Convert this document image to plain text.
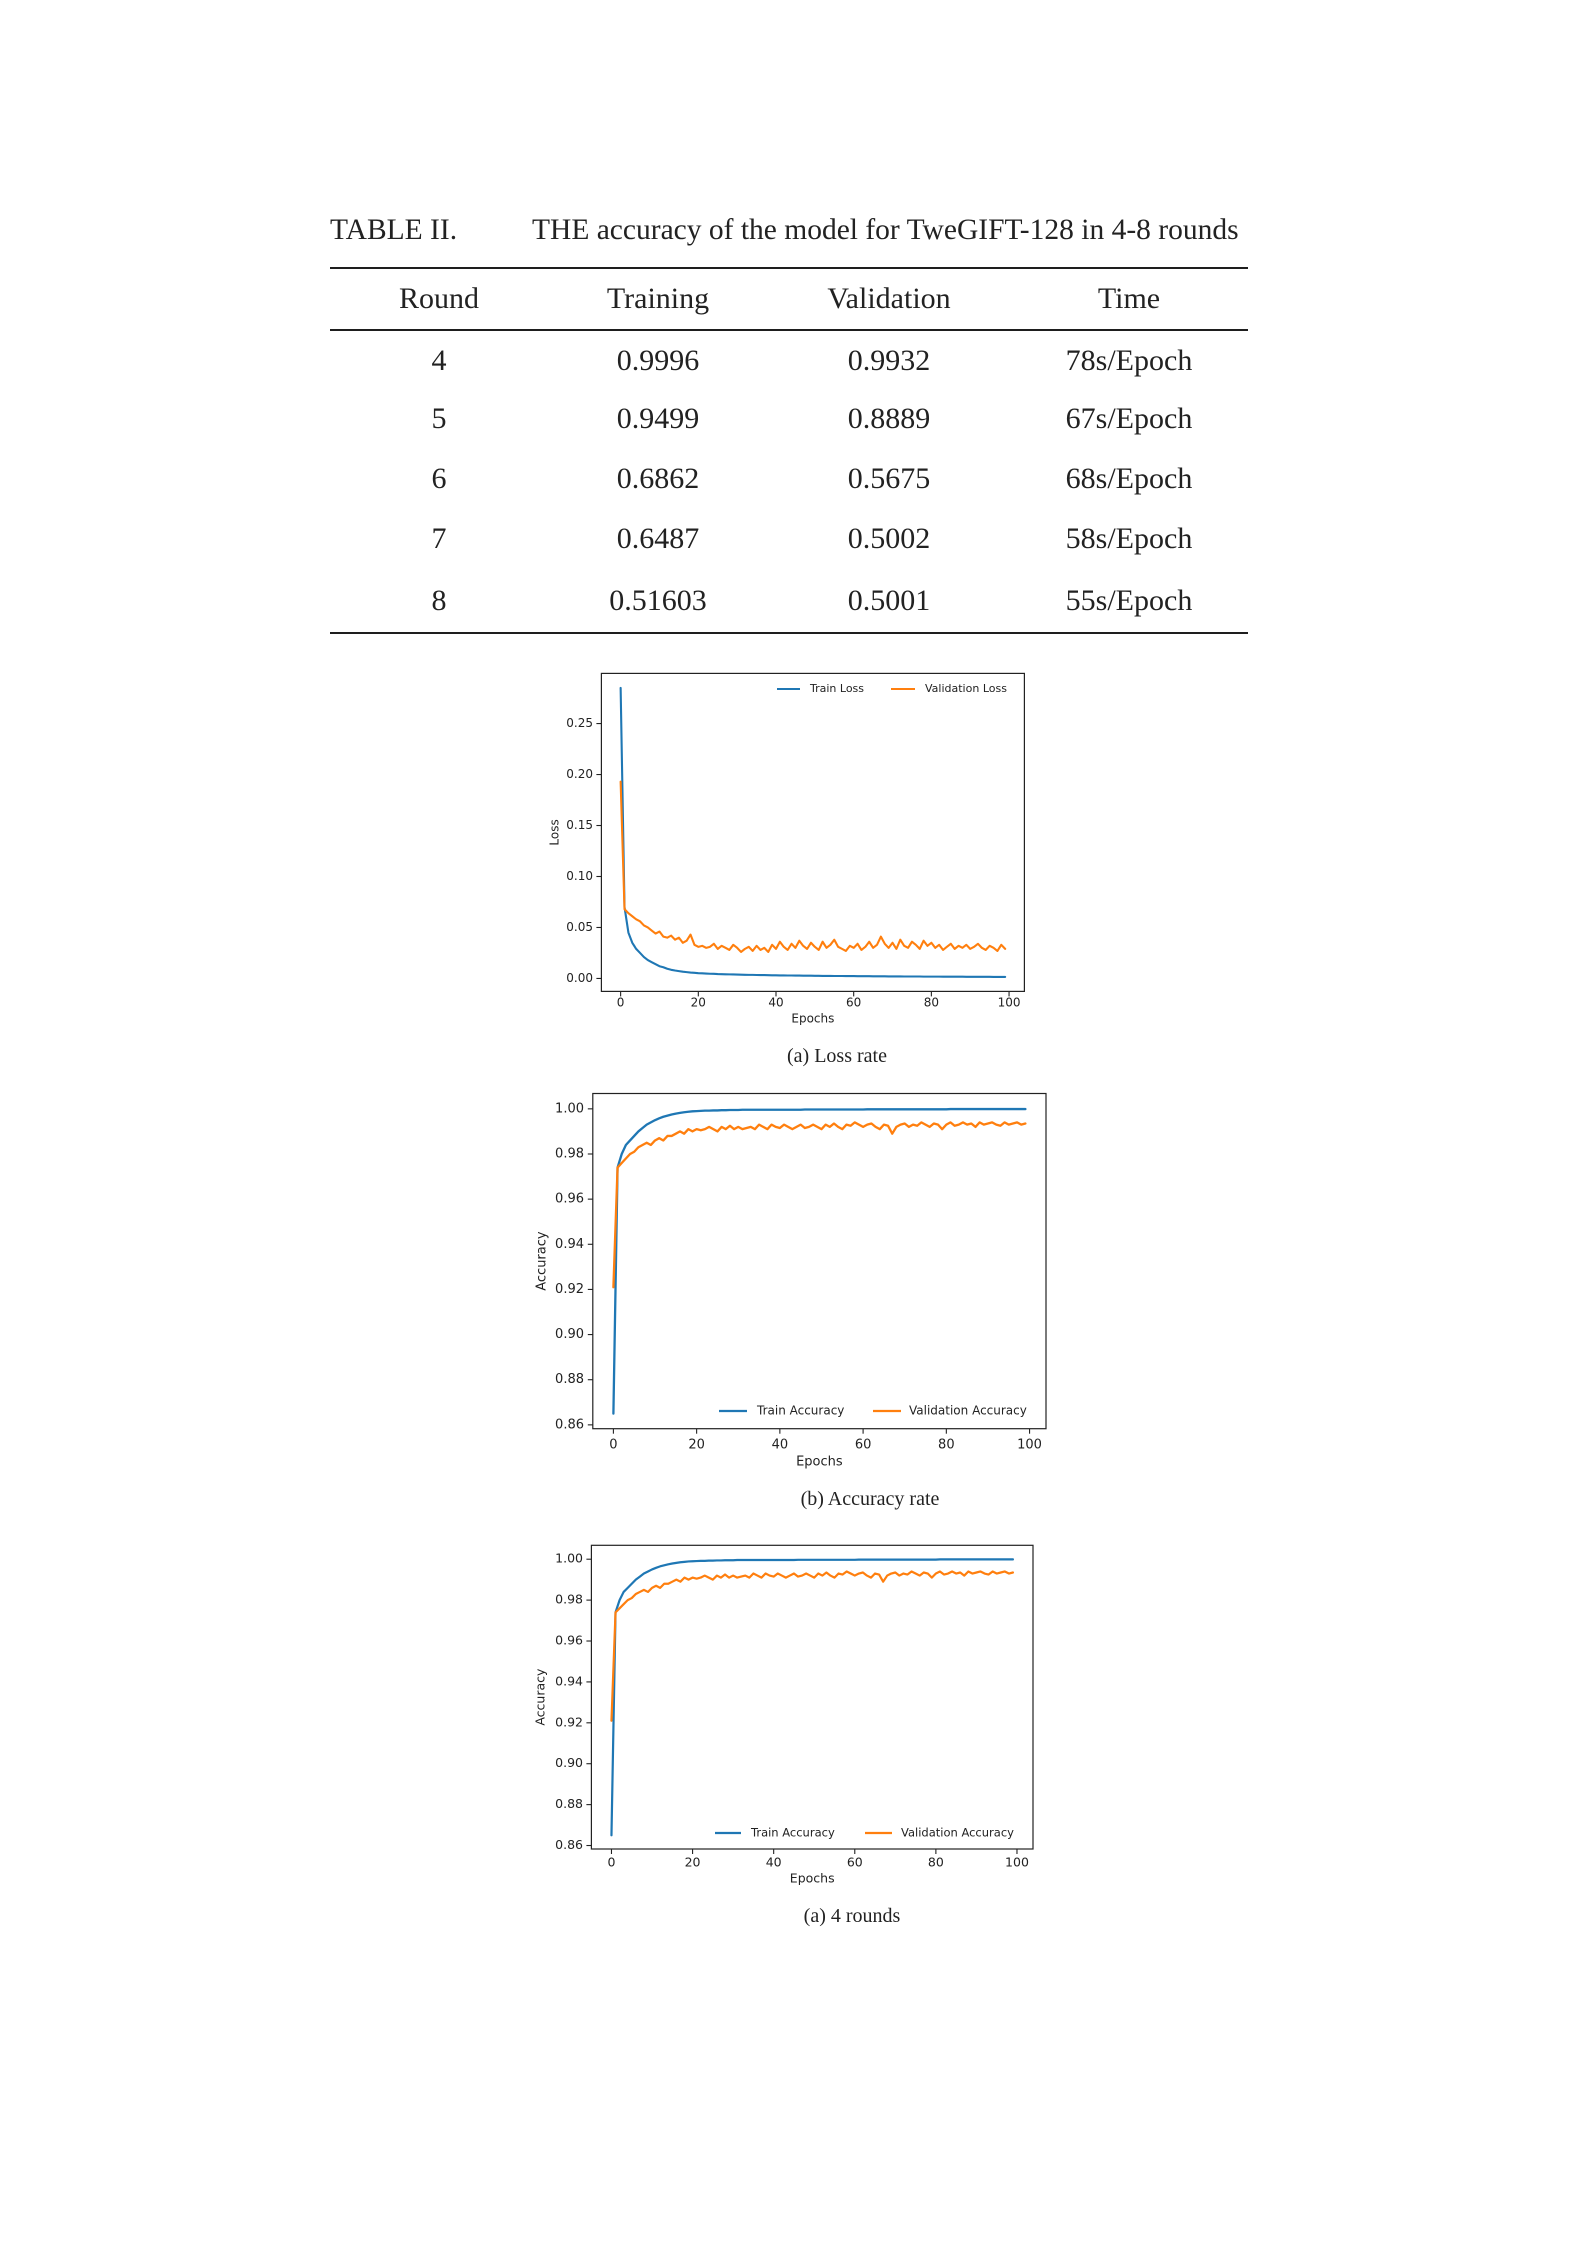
TABLE II.	THE accuracy of the model for TweGIFT-128 in 4-8 rounds
Round	Training	Validation	Time
4	0.9996	0.9932	78s/Epoch
5	0.9499	0.8889	67s/Epoch
6	0.6862	0.5675	68s/Epoch
7	0.6487	0.5002	58s/Epoch
8	0.51603	0.5001	55s/Epoch
0	20	40	60	80	100
0.00
0.05
0.10
0.15
0.20
0.25
Epochs
Loss
Train Loss	Validation Loss
(a) Loss rate
0	20	40	60	80	100
0.86
0.88
0.90
0.92
0.94
0.96
0.98
1.00
Epochs
Accuracy
Train Accuracy	Validation Accuracy
(b) Accuracy rate
0	20	40	60	80	100
0.86
0.88
0.90
0.92
0.94
0.96
0.98
1.00
Epochs
Accuracy
Train Accuracy	Validation Accuracy
(a) 4 rounds
